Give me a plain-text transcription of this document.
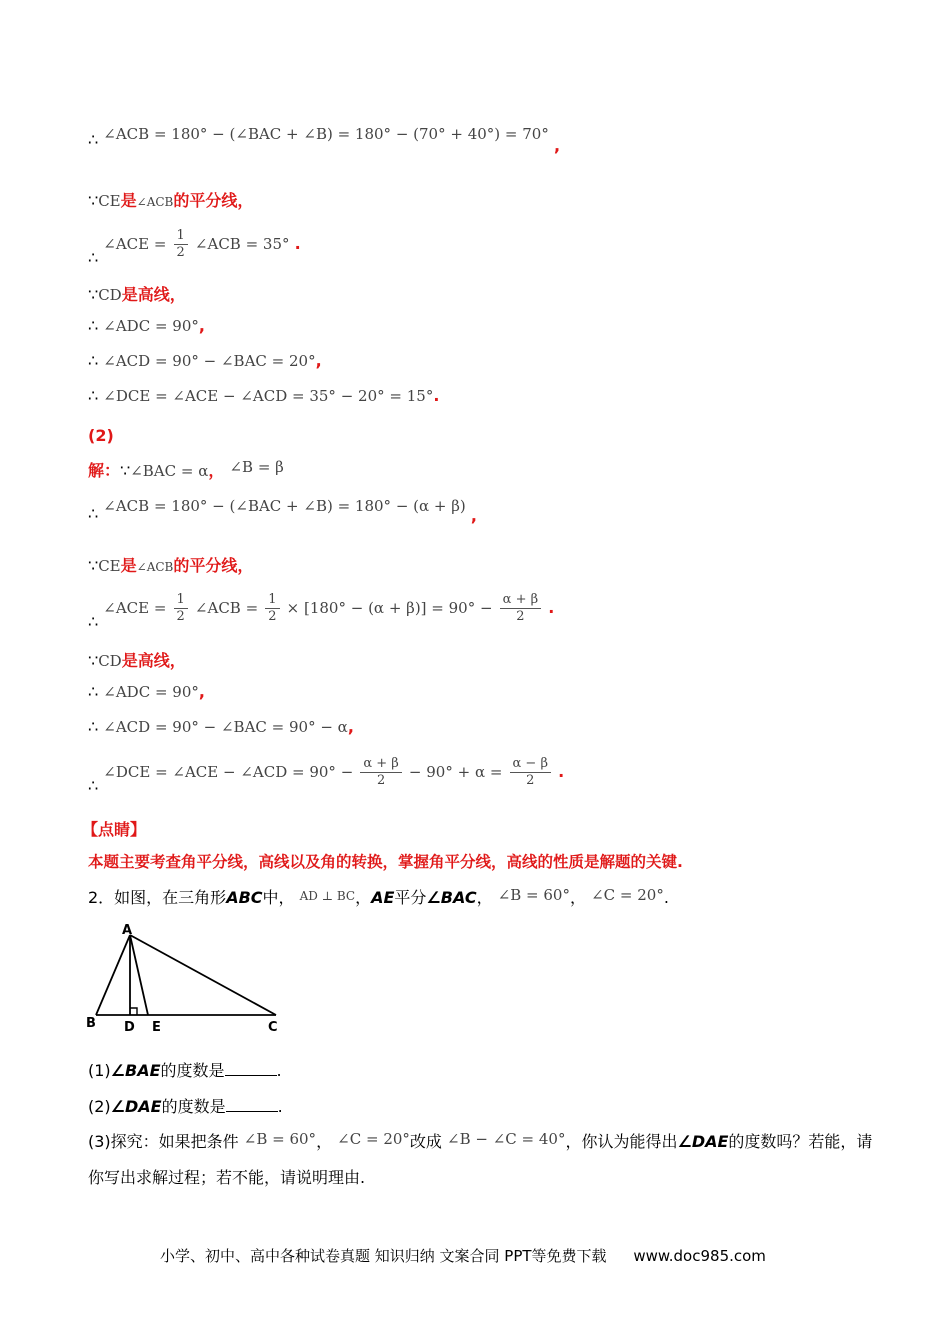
∴ ∠ACB = 180° − (∠BAC + ∠B) = 180° − (70° + 40°) = 70° ,
∵CE是∠ACB的平分线，
∴ ∠ACE = $\frac{1}{2}$ ∠ACB = 35° .
∵CD是高线，
∴ ∠ADC = 90°,
∴ ∠ACD = 90° − ∠BAC = 20°,
∴ ∠DCE = ∠ACE − ∠ACD = 35° − 20° = 15°.
(2)
解：∵∠BAC = α， ∠B = β
∴ ∠ACB = 180° − (∠BAC + ∠B) = 180° − (α + β) ,
∵CE是∠ACB的平分线，
∴ ∠ACE = $\frac{1}{2}$ ∠ACB = $\frac{1}{2} \times [180^\circ - (\alpha + \beta)] = 90^\circ - \frac{\alpha + \beta}{2}$ .
∵CD是高线，
∴ ∠ADC = 90°,
∴ ∠ACD = 90° − ∠BAC = 90° − α,
∴ ∠DCE = ∠ACE − ∠ACD = $90^\circ - \frac{\alpha + \beta}{2} - 90^\circ + \alpha = \frac{\alpha - \beta}{2}$ .
【点睛】
本题主要考查角平分线，高线以及角的转换，掌握角平分线，高线的性质是解题的关键.
2．如图，在三角形ABC中， AD ⊥ BC，AE平分∠BAC， ∠B = 60°， ∠C = 20°.
A
B D E	C
(1)∠BAE的度数是	.
(2)∠DAE的度数是	.
(3)探究：如果把条件 ∠B = 60°， ∠C = 20°改成 ∠B − ∠C = 40°，你认为能得出∠DAE的度数吗？若能，请
你写出求解过程；若不能，请说明理由.
小学、初中、高中各种试卷真题 知识归纳 文案合同 PPT等免费下载 www.doc985.com
